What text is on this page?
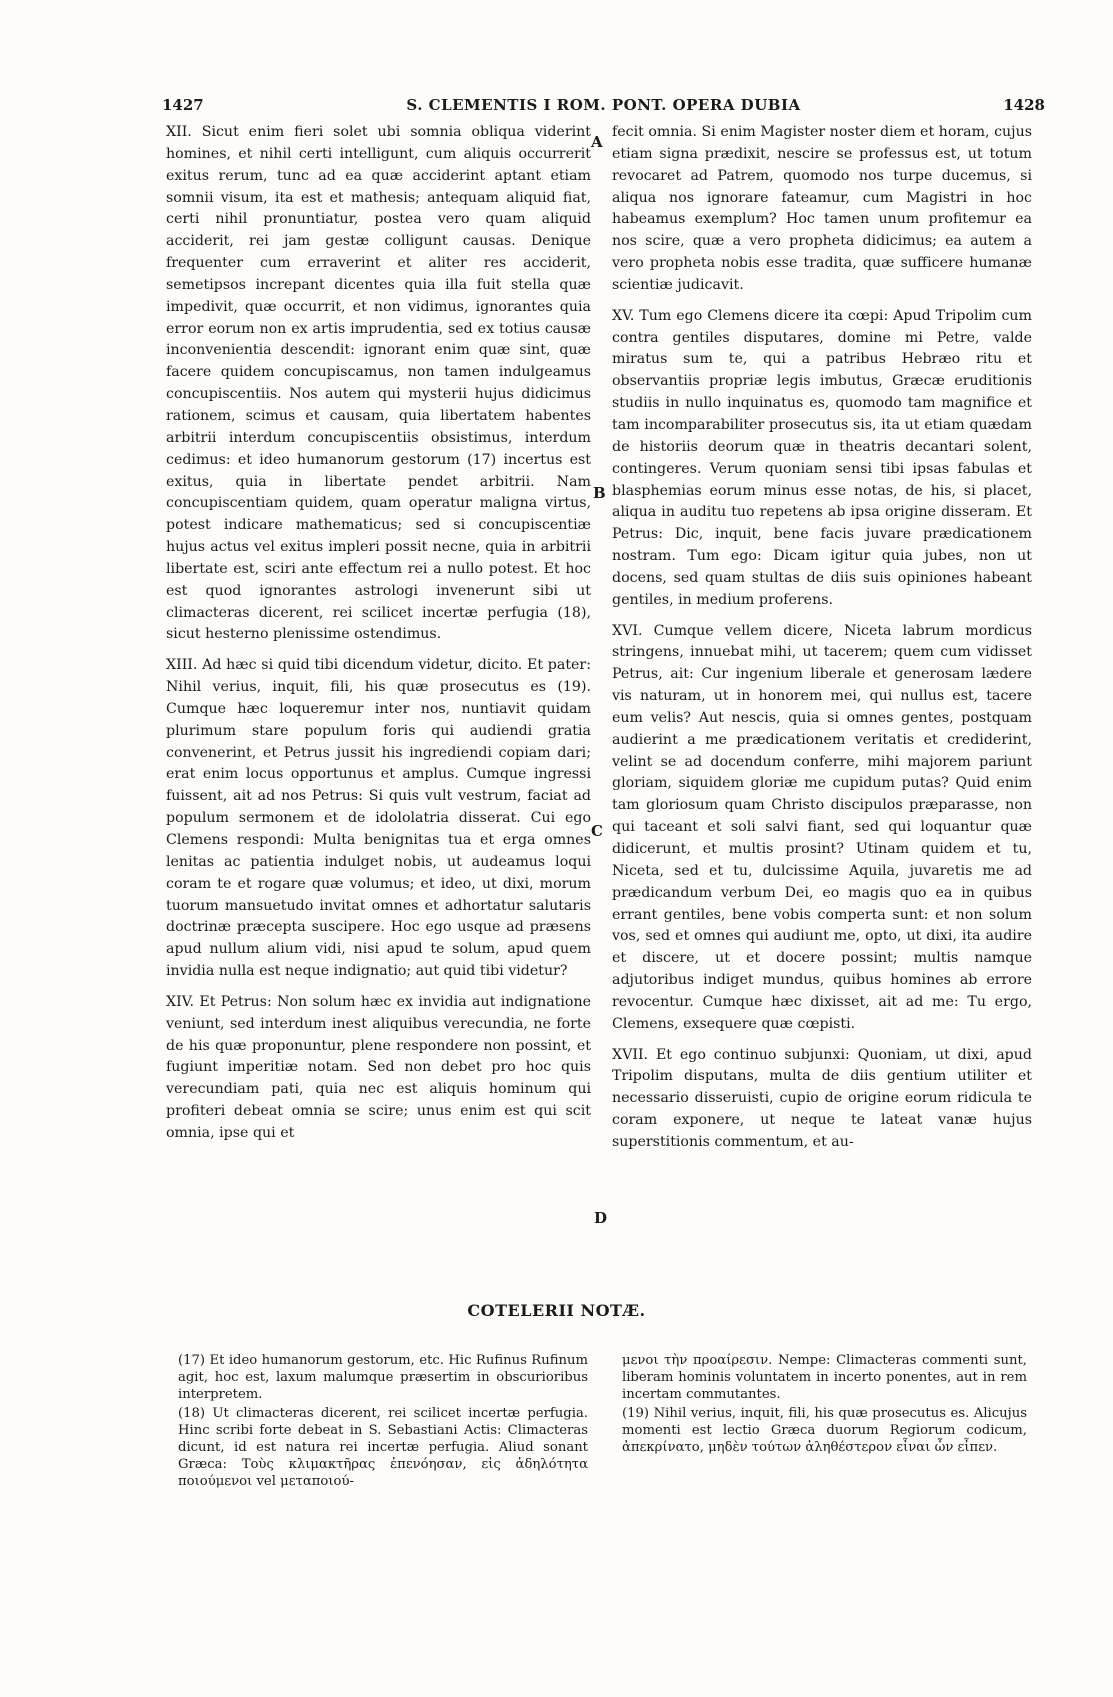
1427	S. CLEMENTIS I ROM. PONT. OPERA DUBIA	1428

XII. Sicut enim fieri solet ubi somnia obliqua viderint homines, et nihil certi intelligunt, cum aliquis occurrerit exitus rerum, tunc ad ea quæ acciderint aptant etiam somnii visum, ita est et mathesis; antequam aliquid fiat, certi nihil pronuntiatur, postea vero quam aliquid acciderit, rei jam gestæ colligunt causas. Denique frequenter cum erraverint et aliter res acciderit, semetipsos increpant dicentes quia illa fuit stella quæ impedivit, quæ occurrit, et non vidimus, ignorantes quia error eorum non ex artis imprudentia, sed ex totius causæ inconvenientia descendit: ignorant enim quæ sint, quæ facere quidem concupiscamus, non tamen indulgeamus concupiscentiis. Nos autem qui mysterii hujus didicimus rationem, scimus et causam, quia libertatem habentes arbitrii interdum concupiscentiis obsistimus, interdum cedimus: et ideo humanorum gestorum (17) incertus est exitus, quia in libertate pendet arbitrii. Nam concupiscentiam quidem, quam operatur maligna virtus, potest indicare mathematicus; sed si concupiscentiæ hujus actus vel exitus impleri possit necne, quia in arbitrii libertate est, sciri ante effectum rei a nullo potest. Et hoc est quod ignorantes astrologi invenerunt sibi ut climacteras dicerent, rei scilicet incertæ perfugia (18), sicut hesterno plenissime ostendimus.

XIII. Ad hæc si quid tibi dicendum videtur, dicito. Et pater: Nihil verius, inquit, fili, his quæ prosecutus es (19). Cumque hæc loqueremur inter nos, nuntiavit quidam plurimum stare populum foris qui audiendi gratia convenerint, et Petrus jussit his ingrediendi copiam dari; erat enim locus opportunus et amplus. Cumque ingressi fuissent, ait ad nos Petrus: Si quis vult vestrum, faciat ad populum sermonem et de idololatria disserat. Cui ego Clemens respondi: Multa benignitas tua et erga omnes lenitas ac patientia indulget nobis, ut audeamus loqui coram te et rogare quæ volumus; et ideo, ut dixi, morum tuorum mansuetudo invitat omnes et adhortatur salutaris doctrinæ præcepta suscipere. Hoc ego usque ad præsens apud nullum alium vidi, nisi apud te solum, apud quem invidia nulla est neque indignatio; aut quid tibi videtur?

XIV. Et Petrus: Non solum hæc ex invidia aut indignatione veniunt, sed interdum inest aliquibus verecundia, ne forte de his quæ proponuntur, plene respondere non possint, et fugiunt imperitiæ notam. Sed non debet pro hoc quis verecundiam pati, quia nec est aliquis hominum qui profiteri debeat omnia se scire; unus enim est qui scit omnia, ipse qui et

A
B
C
D

fecit omnia. Si enim Magister noster diem et horam, cujus etiam signa prædixit, nescire se professus est, ut totum revocaret ad Patrem, quomodo nos turpe ducemus, si aliqua nos ignorare fateamur, cum Magistri in hoc habeamus exemplum? Hoc tamen unum profitemur ea nos scire, quæ a vero propheta didicimus; ea autem a vero propheta nobis esse tradita, quæ sufficere humanæ scientiæ judicavit.

XV. Tum ego Clemens dicere ita cœpi: Apud Tripolim cum contra gentiles disputares, domine mi Petre, valde miratus sum te, qui a patribus Hebræo ritu et observantiis propriæ legis imbutus, Græcæ eruditionis studiis in nullo inquinatus es, quomodo tam magnifice et tam incomparabiliter prosecutus sis, ita ut etiam quædam de historiis deorum quæ in theatris decantari solent, contingeres. Verum quoniam sensi tibi ipsas fabulas et blasphemias eorum minus esse notas, de his, si placet, aliqua in auditu tuo repetens ab ipsa origine disseram. Et Petrus: Dic, inquit, bene facis juvare prædicationem nostram. Tum ego: Dicam igitur quia jubes, non ut docens, sed quam stultas de diis suis opiniones habeant gentiles, in medium proferens.

XVI. Cumque vellem dicere, Niceta labrum mordicus stringens, innuebat mihi, ut tacerem; quem cum vidisset Petrus, ait: Cur ingenium liberale et generosam lædere vis naturam, ut in honorem mei, qui nullus est, tacere eum velis? Aut nescis, quia si omnes gentes, postquam audierint a me prædicationem veritatis et crediderint, velint se ad docendum conferre, mihi majorem pariunt gloriam, siquidem gloriæ me cupidum putas? Quid enim tam gloriosum quam Christo discipulos præparasse, non qui taceant et soli salvi fiant, sed qui loquantur quæ didicerunt, et multis prosint? Utinam quidem et tu, Niceta, sed et tu, dulcissime Aquila, juvaretis me ad prædicandum verbum Dei, eo magis quo ea in quibus errant gentiles, bene vobis comperta sunt: et non solum vos, sed et omnes qui audiunt me, opto, ut dixi, ita audire et discere, ut et docere possint; multis namque adjutoribus indiget mundus, quibus homines ab errore revocentur. Cumque hæc dixisset, ait ad me: Tu ergo, Clemens, exsequere quæ cœpisti.

XVII. Et ego continuo subjunxi: Quoniam, ut dixi, apud Tripolim disputans, multa de diis gentium utiliter et necessario disseruisti, cupio de origine eorum ridicula te coram exponere, ut neque te lateat vanæ hujus superstitionis commentum, et au-

COTELERII NOTÆ.

(17) Et ideo humanorum gestorum, etc. Hic Rufinus Rufinum agit, hoc est, laxum malumque præsertim in obscurioribus interpretem.

(18) Ut climacteras dicerent, rei scilicet incertæ perfugia. Hinc scribi forte debeat in S. Sebastiani Actis: Climacteras dicunt, id est natura rei incertæ perfugia. Aliud sonant Græca: Τοὺς κλιμακτῆρας ἐπενόησαν, εἰς ἀδηλότητα ποιούμενοι vel μεταποιού-

μενοι τὴν προαίρεσιν. Nempe: Climacteras commenti sunt, liberam hominis voluntatem in incerto ponentes, aut in rem incertam commutantes.

(19) Nihil verius, inquit, fili, his quæ prosecutus es. Alicujus momenti est lectio Græca duorum Regiorum codicum, ἀπεκρίνατο, μηδὲν τούτων ἀληθέστερον εἶναι ὧν εἶπεν.
